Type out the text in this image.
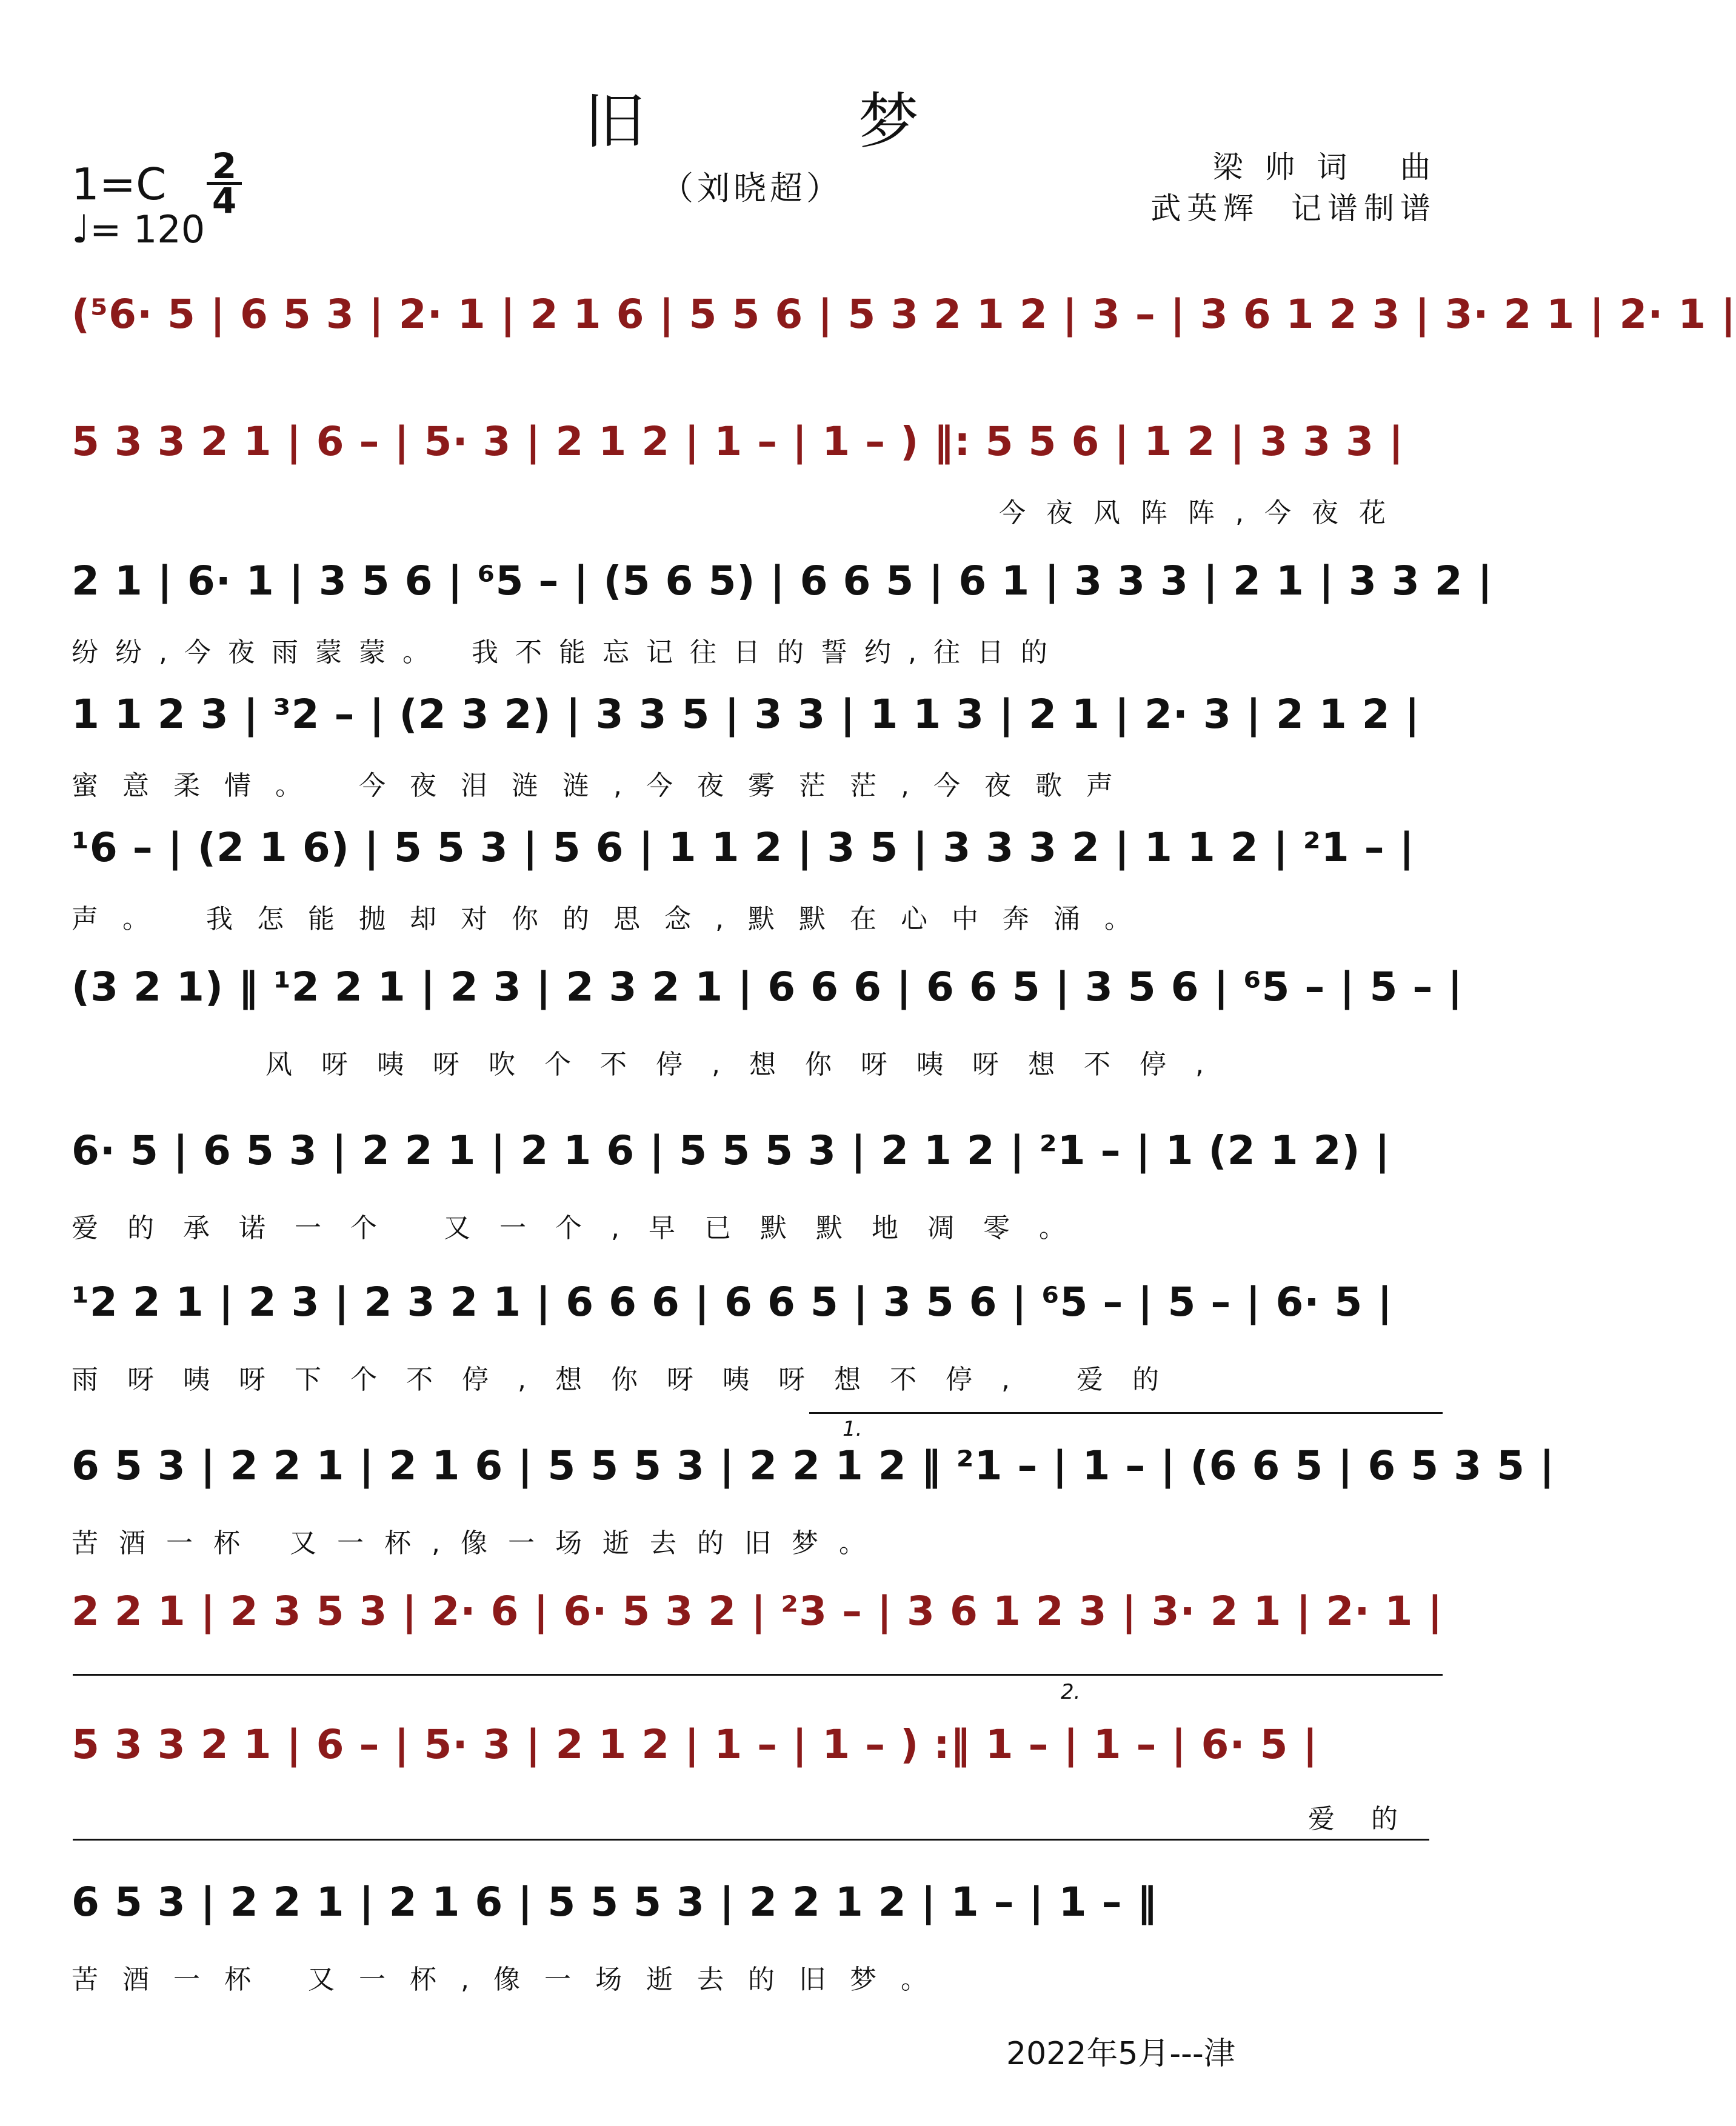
旧 梦
（刘晓超）
梁 帅 词   曲
武英辉  记谱制谱
1=C 2
4
♩= 120
(⁵6· 5 | 6 5 3 | 2· 1 | 2 1 6 | 5 5 6 | 5 3 2 1 2 | 3 – | 3 6 1 2 3 | 3· 2 1 | 2· 1 |
5 3 3 2 1 | 6 – | 5· 3 | 2 1 2 | 1 – | 1 – ) ‖: 5 5 6 | 1 2 | 3 3 3 |
今夜风阵阵,今夜花
2 1 | 6· 1 | 3 5 6 | ⁶5 – | (5 6 5) | 6 6 5 | 6 1 | 3 3 3 | 2 1 | 3 3 2 |
纷纷,今夜雨蒙蒙。 我不能忘记往日的誓约,往日的
1 1 2 3 | ³2 – | (2 3 2) | 3 3 5 | 3 3 | 1 1 3 | 2 1 | 2· 3 | 2 1 2 |
蜜意柔情。 今夜泪涟涟,今夜雾茫茫,今夜歌声
¹6 – | (2 1 6) | 5 5 3 | 5 6 | 1 1 2 | 3 5 | 3 3 3 2 | 1 1 2 | ²1 – |
声。 我怎能抛却对你的思念,默默在心中奔涌。
(3 2 1) ‖ ¹2 2 1 | 2 3 | 2 3 2 1 | 6 6 6 | 6 6 5 | 3 5 6 | ⁶5 – | 5 – |
风呀咦呀吹个不停,想你呀咦呀想不停,
6· 5 | 6 5 3 | 2 2 1 | 2 1 6 | 5 5 5 3 | 2 1 2 | ²1 – | 1 (2 1 2) |
爱的承诺一个 又一个,早已默默地凋零。
¹2 2 1 | 2 3 | 2 3 2 1 | 6 6 6 | 6 6 5 | 3 5 6 | ⁶5 – | 5 – | 6· 5 |
雨呀咦呀下个不停,想你呀咦呀想不停, 爱的
1.
6 5 3 | 2 2 1 | 2 1 6 | 5 5 5 3 | 2 2 1 2 ‖ ²1 – | 1 – | (6 6 5 | 6 5 3 5 |
苦酒一杯 又一杯,像一场逝去的旧梦。
2 2 1 | 2 3 5 3 | 2· 6 | 6· 5 3 2 | ²3 – | 3 6 1 2 3 | 3· 2 1 | 2· 1 |
2.
5 3 3 2 1 | 6 – | 5· 3 | 2 1 2 | 1 – | 1 – ) :‖ 1 – | 1 – | 6· 5 |
爱的
6 5 3 | 2 2 1 | 2 1 6 | 5 5 5 3 | 2 2 1 2 | 1 – | 1 – ‖
苦酒一杯 又一杯,像一场逝去的旧梦。
2022年5月---津
